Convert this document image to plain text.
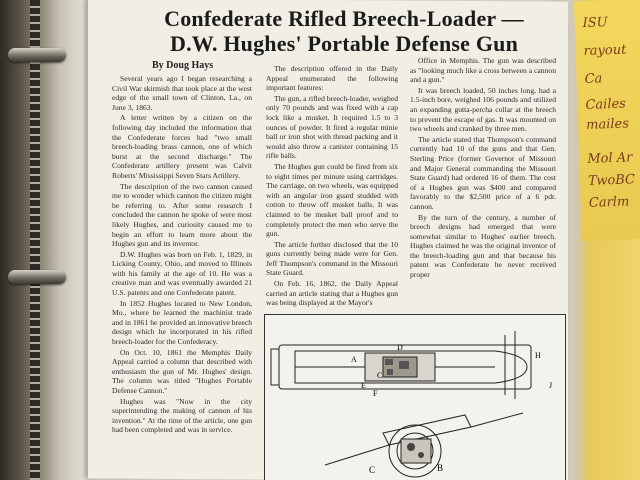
ISU
rayout
Ca
Cailes
mailes
Mol Ar
TwoBC
Carlm
Confederate Rifled Breech-Loader —
D.W. Hughes' Portable Defense Gun
By Doug Hays

Several years ago I began researching a Civil War skirmish that took place at the west edge of the small town of Clinton, La., on June 3, 1863.

A letter written by a citizen on the following day included the information that the Confederate forces had "two small breech-loading brass cannon, one of which burst at the second discharge." The Confederate artillery present was Calvit Roberts' Mississippi Seven Stars Artillery.

The description of the two cannon caused me to wonder which cannon the citizen might be referring to. After some research I concluded the cannon he spoke of were most likely Hughes, and curiosity caused me to begin an effort to learn more about the Hughes gun and its inventor.

D.W. Hughes was born on Feb. 1, 1829, in Licking County, Ohio, and moved to Illinois with his family at the age of 10. He was a creative man and was eventually awarded 21 U.S. patents and one Confederate patent.

In 1852 Hughes located to New London, Mo., where he learned the machinist trade and in 1861 he provided an innovative breech design which he incorporated in his rifled breech-loader for the Confederacy.

On Oct. 10, 1861 the Memphis Daily Appeal carried a column that described with enthusiasm the gun of Mr. Hughes' design. The column was titled "Hughes Portable Defense Cannon."

Hughes was "Now in the city superintending the making of cannon of his invention." At the time of the article, one gun had been completed and was in service.

The description offered in the Daily Appeal enumerated the following important features:

The gun, a rifled breech-loader, weighed only 70 pounds and was fixed with a cap lock like a musket. It required 1.5 to 3 ounces of powder. It fired a regular minie ball or iron shot with thread packing and it would also throw a canister containing 15 rifle balls.

The Hughes gun could be fired from six to eight times per minute using cartridges. The carriage, on two wheels, was equipped with an angular iron guard studded with cotton to throw off musket balls. It was claimed to be musket ball proof and to completely protect the men who serve the gun.

The article further disclosed that the 10 guns currently being made were for Gen. Jeff Thompson's command in the Missouri State Guard.

On Feb. 16, 1862, the Daily Appeal carried an article stating that a Hughes gun was being displayed at the Mayor's

Office in Memphis. The gun was described as "looking much like a cross between a cannon and a gun."

It was breech loaded, 50 inches long, had a 1.5-inch bore, weighed 106 pounds and utilized an expanding gutta-percha collar at the breech to prevent the escape of gas. It was mounted on two wheels and cranked by three men.

The article stated that Thompson's command currently had 10 of the guns and that Gen. Sterling Price (former Governor of Missouri and Major General commanding the Missouri State Guard) had ordered 16 of them. The cost of a Hughes gun was $400 and compared favorably to the $2,500 price of a 6 pdr. cannon.

By the turn of the century, a number of breech designs had emerged that were somewhat similar to Hughes' earlier breech. Hughes claimed he was the original inventor of the breech-loading gun and that because his patent was Confederate he never received proper

A
C
D
E
F
H
J
B
C
